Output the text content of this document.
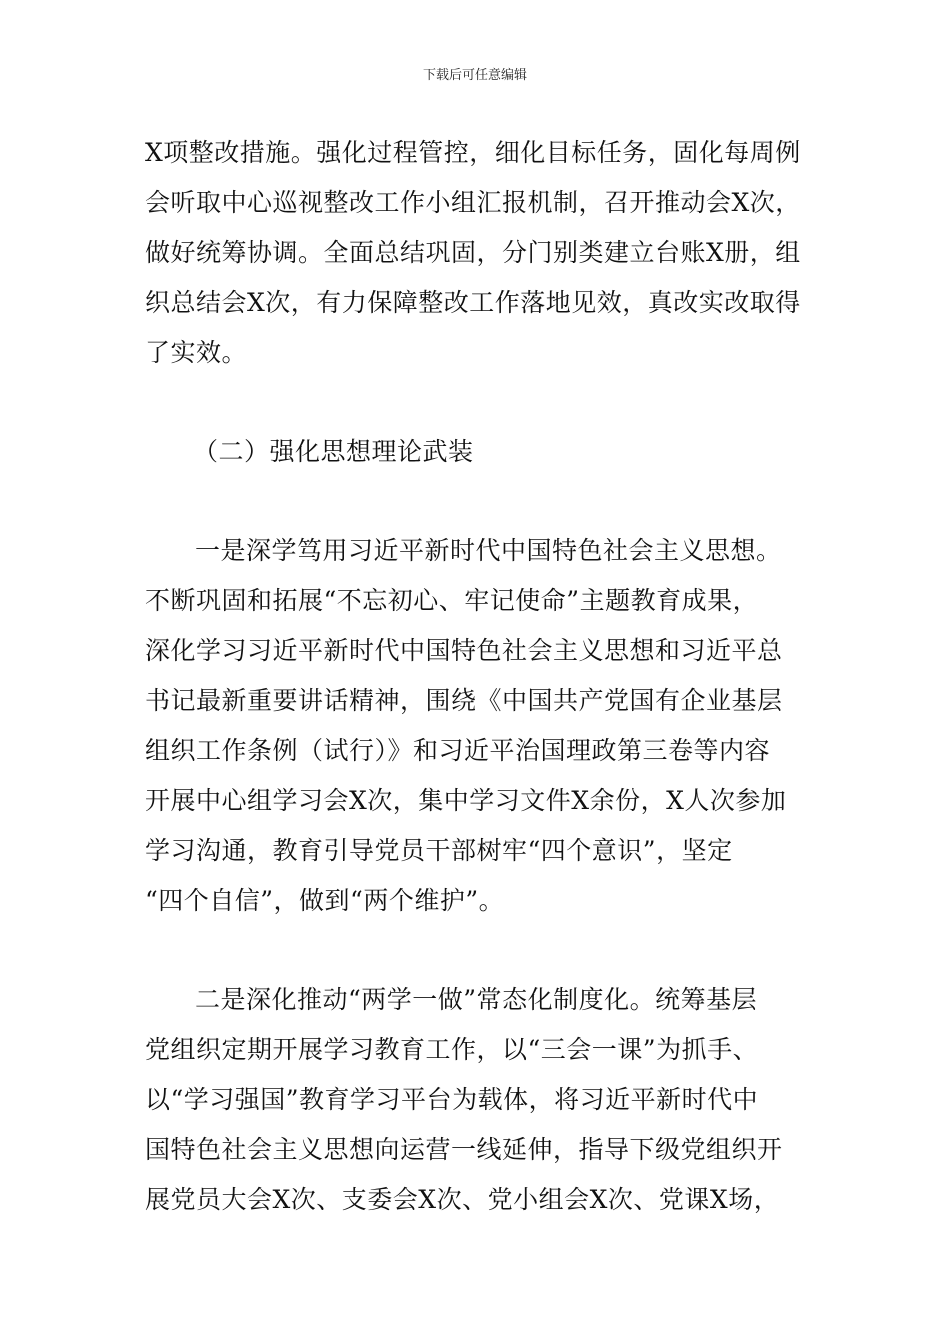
下载后可任意编辑
X项整改措施。强化过程管控，细化目标任务，固化每周例
会听取中心巡视整改工作小组汇报机制，召开推动会X次，
做好统筹协调。全面总结巩固，分门别类建立台账X册，组
织总结会X次，有力保障整改工作落地见效，真改实改取得
了实效。
（二）强化思想理论武装
一是深学笃用习近平新时代中国特色社会主义思想。
不断巩固和拓展“不忘初心、牢记使命”主题教育成果，
深化学习习近平新时代中国特色社会主义思想和习近平总
书记最新重要讲话精神，围绕《中国共产党国有企业基层
组织工作条例（试行）》和习近平治国理政第三卷等内容
开展中心组学习会X次，集中学习文件X余份，X人次参加
学习沟通，教育引导党员干部树牢“四个意识”，坚定
“四个自信”，做到“两个维护”。
二是深化推动“两学一做”常态化制度化。统筹基层
党组织定期开展学习教育工作，以“三会一课”为抓手、
以“学习强国”教育学习平台为载体，将习近平新时代中
国特色社会主义思想向运营一线延伸，指导下级党组织开
展党员大会X次、支委会X次、党小组会X次、党课X场，
